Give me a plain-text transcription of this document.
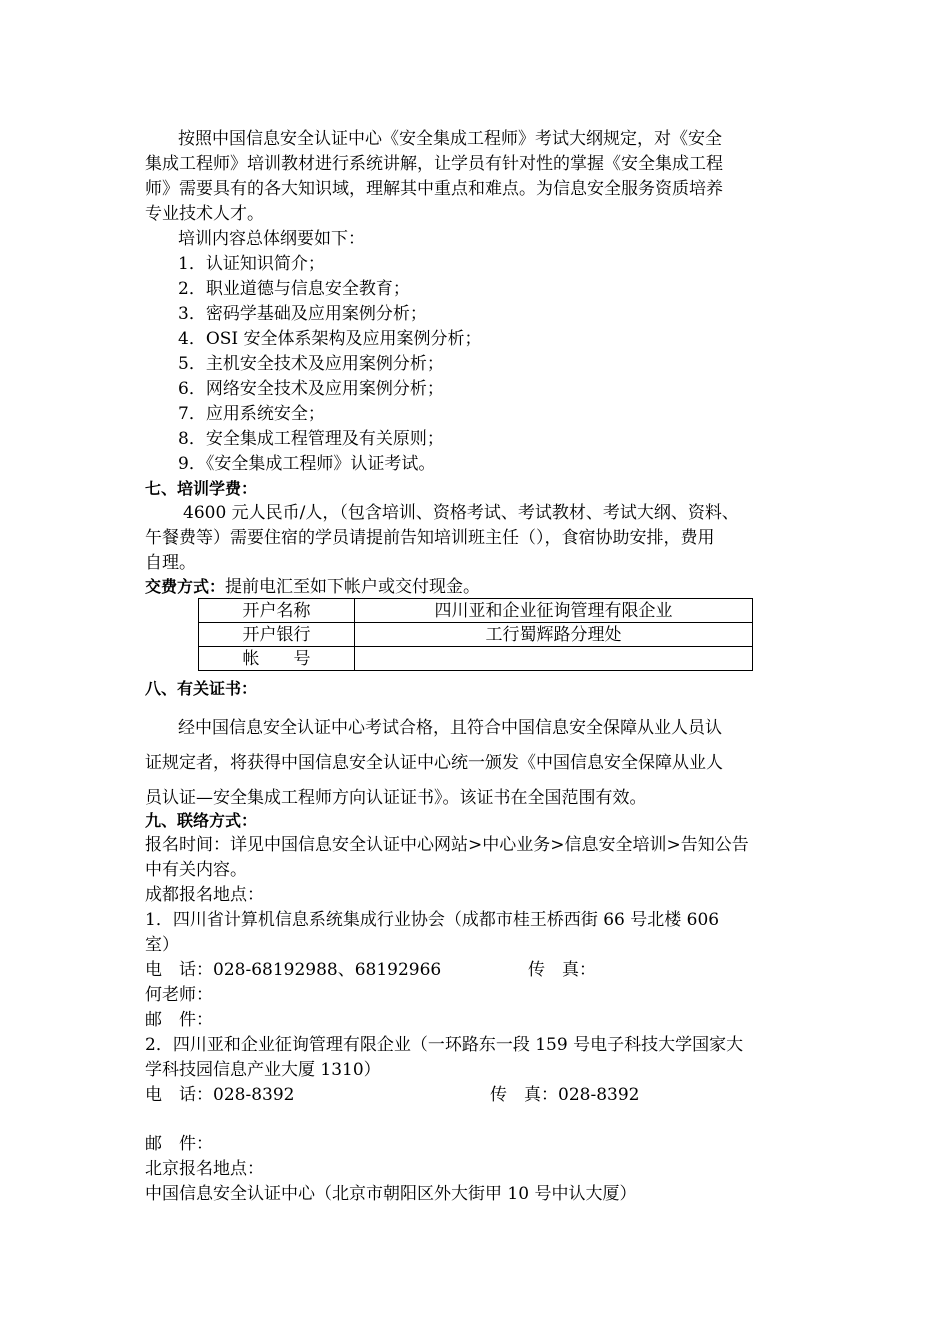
按照中国信息安全认证中心《安全集成工程师》考试大纲规定，对《安全
集成工程师》培训教材进行系统讲解，让学员有针对性的掌握《安全集成工程
师》需要具有的各大知识域，理解其中重点和难点。为信息安全服务资质培养
专业技术人才。
培训内容总体纲要如下：
1．认证知识简介；
2．职业道德与信息安全教育；
3．密码学基础及应用案例分析；
4．OSI 安全体系架构及应用案例分析；
5．主机安全技术及应用案例分析；
6．网络安全技术及应用案例分析；
7．应用系统安全；
8．安全集成工程管理及有关原则；
9．《安全集成工程师》认证考试。
七、培训学费：
4600 元人民币/人，（包含培训、资格考试、考试教材、考试大纲、资料、
午餐费等）需要住宿的学员请提前告知培训班主任（），食宿协助安排，费用
自理。
交费方式：提前电汇至如下帐户或交付现金。
开户名称	四川亚和企业征询管理有限企业
开户银行	工行蜀辉路分理处
帐　　号	
八、有关证书：
经中国信息安全认证中心考试合格，且符合中国信息安全保障从业人员认
证规定者，将获得中国信息安全认证中心统一颁发《中国信息安全保障从业人
员认证—安全集成工程师方向认证证书》。该证书在全国范围有效。
九、联络方式：
报名时间：详见中国信息安全认证中心网站>中心业务>信息安全培训>告知公告
中有关内容。
成都报名地点：
1．四川省计算机信息系统集成行业协会（成都市桂王桥西街 66 号北楼 606
室）
电　话：028-68192988、68192966	传　真：
何老师：
邮　件：
2．四川亚和企业征询管理有限企业（一环路东一段 159 号电子科技大学国家大
学科技园信息产业大厦 1310）
电　话：028-8392	传　真：028-8392
邮　件：
北京报名地点：
中国信息安全认证中心（北京市朝阳区外大街甲 10 号中认大厦）
